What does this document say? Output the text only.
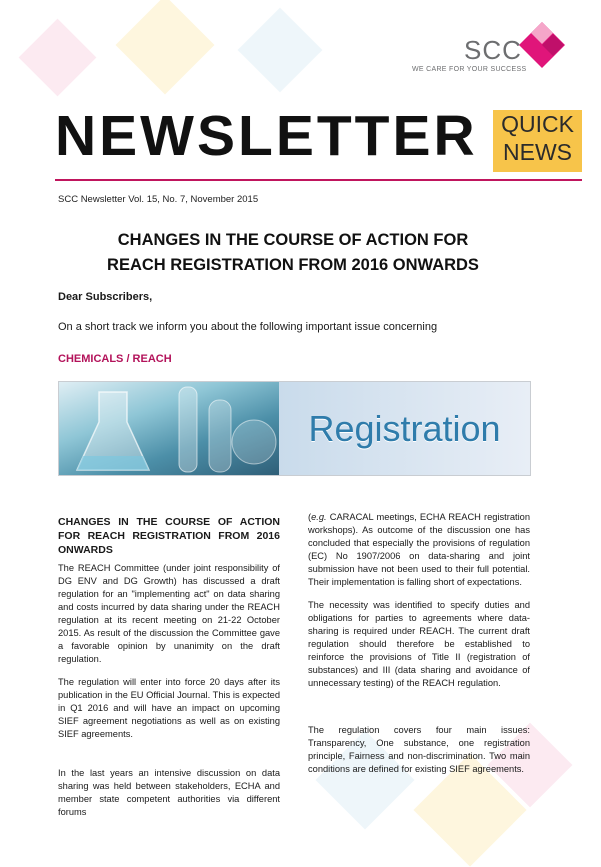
SCC
WE CARE FOR YOUR SUCCESS
NEWSLETTER	QUICK
NEWS
SCC Newsletter Vol. 15, No. 7, November 2015
CHANGES IN THE COURSE OF ACTION FOR
REACH REGISTRATION FROM 2016 ONWARDS
Dear Subscribers,
On a short track we inform you about the following important issue concerning
CHEMICALS / REACH
Registration
CHANGES IN THE COURSE OF ACTION FOR REACH REGISTRATION FROM 2016 ONWARDS

The REACH Committee (under joint responsibility of DG ENV and DG Growth) has discussed a draft regulation for an "implementing act" on data sharing and costs incurred by data sharing under the REACH regulation at its recent meeting on 21-22 October 2015. As result of the discussion the Committee gave a favorable opinion by unanimity on the draft regulation.

The regulation will enter into force 20 days after its publication in the EU Official Journal. This is expected in Q1 2016 and will have an impact on upcoming SIEF agreement negotiations as well as on existing SIEF agreements.

In the last years an intensive discussion on data sharing was held between stakeholders, ECHA and member state competent authorities via different forums

(e.g. CARACAL meetings, ECHA REACH registration workshops). As outcome of the discussion one has concluded that especially the provisions of regulation (EC) No 1907/2006 on data-sharing and joint submission have not been used to their full potential. Their implementation is falling short of expectations.

The necessity was identified to specify duties and obligations for parties to agreements where data-sharing is required under REACH. The current draft regulation should therefore be established to reinforce the provisions of Title II (registration of substances) and III (data sharing and avoidance of unnecessary testing) of the REACH regulation.

The regulation covers four main issues: Transparency, One substance, one registration principle, Fairness and non-discrimination. Two main conditions are defined for existing SIEF agreements.
